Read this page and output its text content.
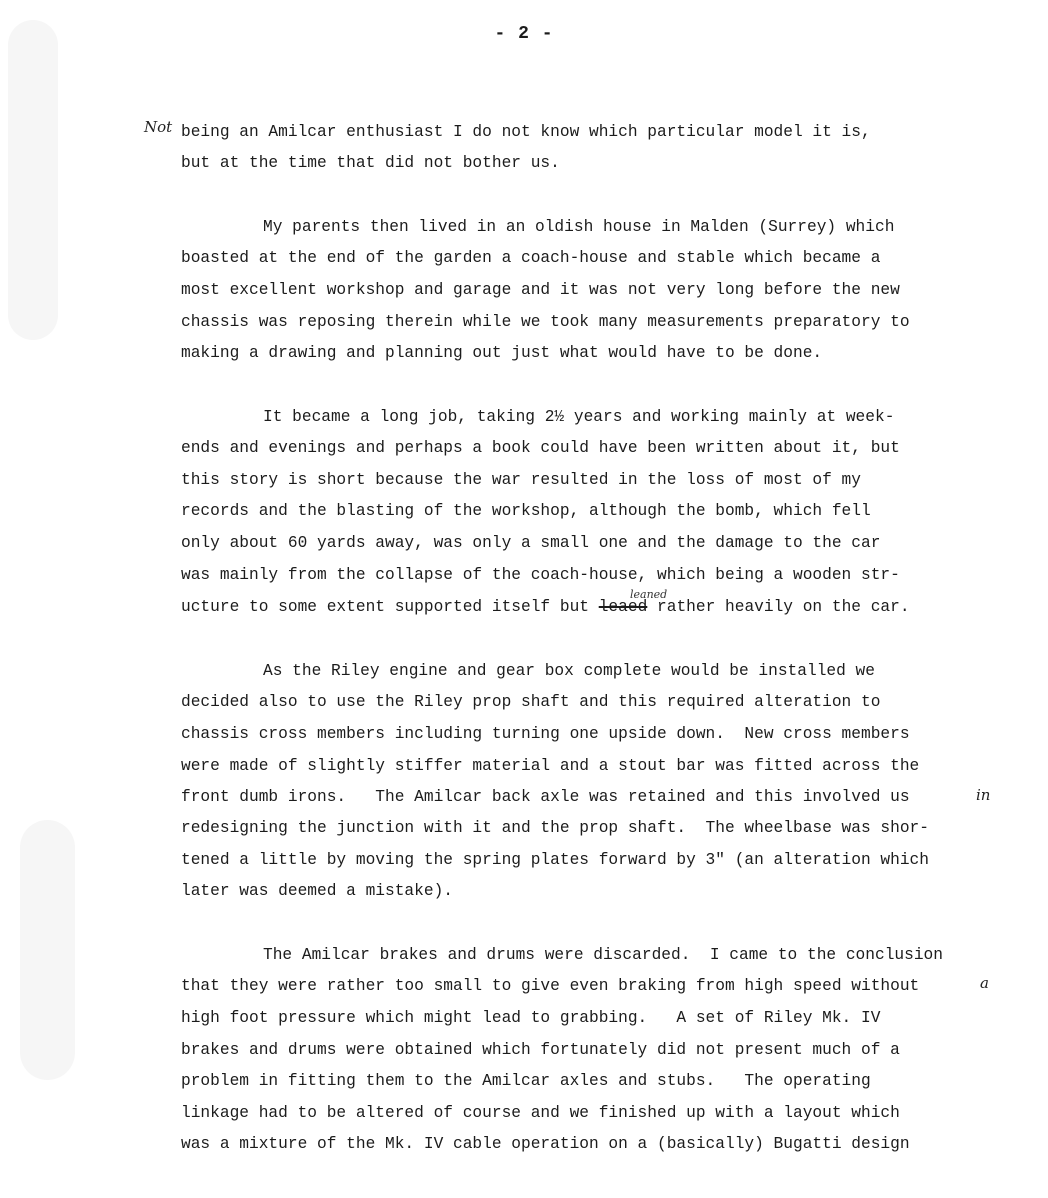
- 2 -
Not
in
a
leaned
being an Amilcar enthusiast I do not know which particular model it is,
but at the time that did not bother us.
My parents then lived in an oldish house in Malden (Surrey) which
boasted at the end of the garden a coach-house and stable which became a
most excellent workshop and garage and it was not very long before the new
chassis was reposing therein while we took many measurements preparatory to
making a drawing and planning out just what would have to be done.
It became a long job, taking 2½ years and working mainly at week-
ends and evenings and perhaps a book could have been written about it, but
this story is short because the war resulted in the loss of most of my
records and the blasting of the workshop, although the bomb, which fell
only about 60 yards away, was only a small one and the damage to the car
was mainly from the collapse of the coach-house, which being a wooden str-
ucture to some extent supported itself but leaed rather heavily on the car.
As the Riley engine and gear box complete would be installed we
decided also to use the Riley prop shaft and this required alteration to
chassis cross members including turning one upside down.  New cross members
were made of slightly stiffer material and a stout bar was fitted across the
front dumb irons.   The Amilcar back axle was retained and this involved us
redesigning the junction with it and the prop shaft.  The wheelbase was shor-
tened a little by moving the spring plates forward by 3" (an alteration which
later was deemed a mistake).
The Amilcar brakes and drums were discarded.  I came to the conclusion
that they were rather too small to give even braking from high speed without
high foot pressure which might lead to grabbing.   A set of Riley Mk. IV
brakes and drums were obtained which fortunately did not present much of a
problem in fitting them to the Amilcar axles and stubs.   The operating
linkage had to be altered of course and we finished up with a layout which
was a mixture of the Mk. IV cable operation on a (basically) Bugatti design
